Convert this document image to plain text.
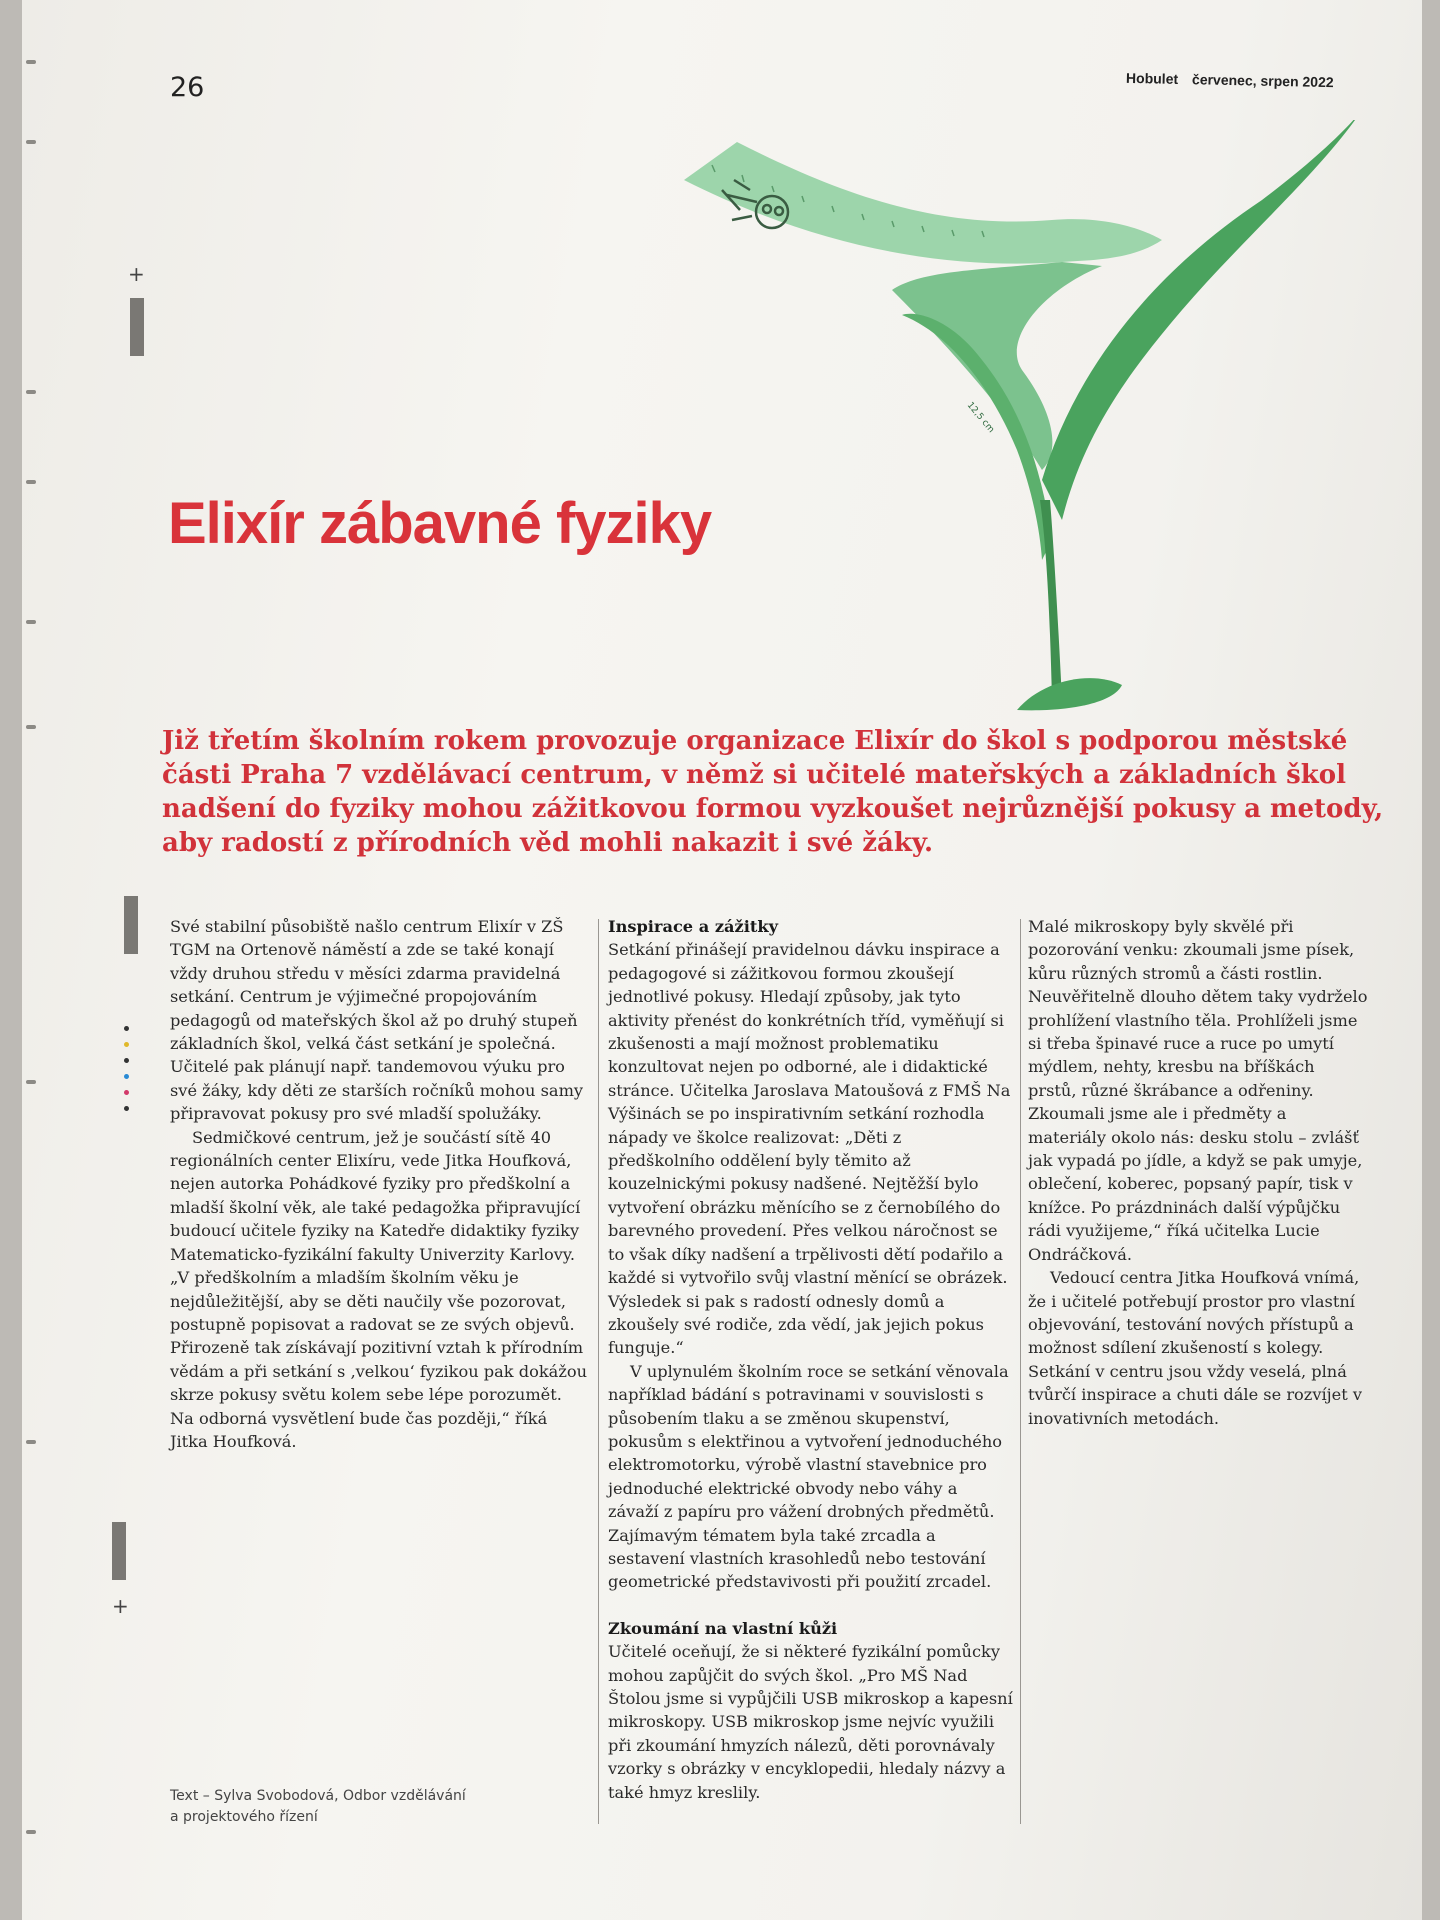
26	Hobulet červenec, srpen 2022
+
+
12,5 cm
Elixír zábavné fyziky

Již třetím školním rokem provozuje organizace Elixír do škol s podporou městské části Praha 7 vzdělávací centrum, v němž si učitelé mateřských a základních škol nadšení do fyziky mohou zážitkovou formou vyzkoušet nejrůznější pokusy a metody, aby radostí z přírodních věd mohli nakazit i své žáky.

Své stabilní působiště našlo centrum Elixír v ZŠ TGM na Ortenově náměstí a zde se také konají vždy druhou středu v měsíci zdarma pravidelná setkání. Centrum je výjimečné propojováním pedagogů od mateřských škol až po druhý stupeň základních škol, velká část setkání je společná. Učitelé pak plánují např. tandemovou výuku pro své žáky, kdy děti ze starších ročníků mohou samy připravovat pokusy pro své mladší spolužáky.

Sedmičkové centrum, jež je součástí sítě 40 regionálních center Elixíru, vede Jitka Houfková, nejen autorka Pohádkové fyziky pro předškolní a mladší školní věk, ale také pedagožka připravující budoucí učitele fyziky na Katedře didaktiky fyziky Matematicko-fyzikální fakulty Univerzity Karlovy. „V předškolním a mladším školním věku je nejdůležitější, aby se děti naučily vše pozorovat, postupně popisovat a radovat se ze svých objevů. Přirozeně tak získávají pozitivní vztah k přírodním vědám a při setkání s ‚velkou‘ fyzikou pak dokážou skrze pokusy světu kolem sebe lépe porozumět. Na odborná vysvětlení bude čas později,“ říká Jitka Houfková.

Inspirace a zážitky

Setkání přinášejí pravidelnou dávku inspirace a pedagogové si zážitkovou formou zkoušejí jednotlivé pokusy. Hledají způsoby, jak tyto aktivity přenést do konkrétních tříd, vyměňují si zkušenosti a mají možnost problematiku konzultovat nejen po odborné, ale i didaktické stránce. Učitelka Jaroslava Matoušová z FMŠ Na Výšinách se po inspirativním setkání rozhodla nápady ve školce realizovat: „Děti z předškolního oddělení byly těmito až kouzelnickými pokusy nadšené. Nejtěžší bylo vytvoření obrázku měnícího se z černobílého do barevného provedení. Přes velkou náročnost se to však díky nadšení a trpělivosti dětí podařilo a každé si vytvořilo svůj vlastní měnící se obrázek. Výsledek si pak s radostí odnesly domů a zkoušely své rodiče, zda vědí, jak jejich pokus funguje.“

V uplynulém školním roce se setkání věnovala například bádání s potravinami v souvislosti s působením tlaku a se změnou skupenství, pokusům s elektřinou a vytvoření jednoduchého elektromotorku, výrobě vlastní stavebnice pro jednoduché elektrické obvody nebo váhy a závaží z papíru pro vážení drobných předmětů. Zajímavým tématem byla také zrcadla a sestavení vlastních krasohledů nebo testování geometrické představivosti při použití zrcadel.

Zkoumání na vlastní kůži

Učitelé oceňují, že si některé fyzikální pomůcky mohou zapůjčit do svých škol. „Pro MŠ Nad Štolou jsme si vypůjčili USB mikroskop a kapesní mikroskopy. USB mikroskop jsme nejvíc využili při zkoumání hmyzích nálezů, děti porovnávaly vzorky s obrázky v encyklopedii, hledaly názvy a také hmyz kreslily.

Malé mikroskopy byly skvělé při pozorování venku: zkoumali jsme písek, kůru různých stromů a části rostlin. Neuvěřitelně dlouho dětem taky vydrželo prohlížení vlastního těla. Prohlíželi jsme si třeba špinavé ruce a ruce po umytí mýdlem, nehty, kresbu na bříškách prstů, různé škrábance a odřeniny. Zkoumali jsme ale i předměty a materiály okolo nás: desku stolu – zvlášť jak vypadá po jídle, a když se pak umyje, oblečení, koberec, popsaný papír, tisk v knížce. Po prázdninách další výpůjčku rádi využijeme,“ říká učitelka Lucie Ondráčková.

Vedoucí centra Jitka Houfková vnímá, že i učitelé potřebují prostor pro vlastní objevování, testování nových přístupů a možnost sdílení zkušeností s kolegy. Setkání v centru jsou vždy veselá, plná tvůrčí inspirace a chuti dále se rozvíjet v inovativních metodách.

Text – Sylva Svobodová, Odbor vzdělávání
a projektového řízení
